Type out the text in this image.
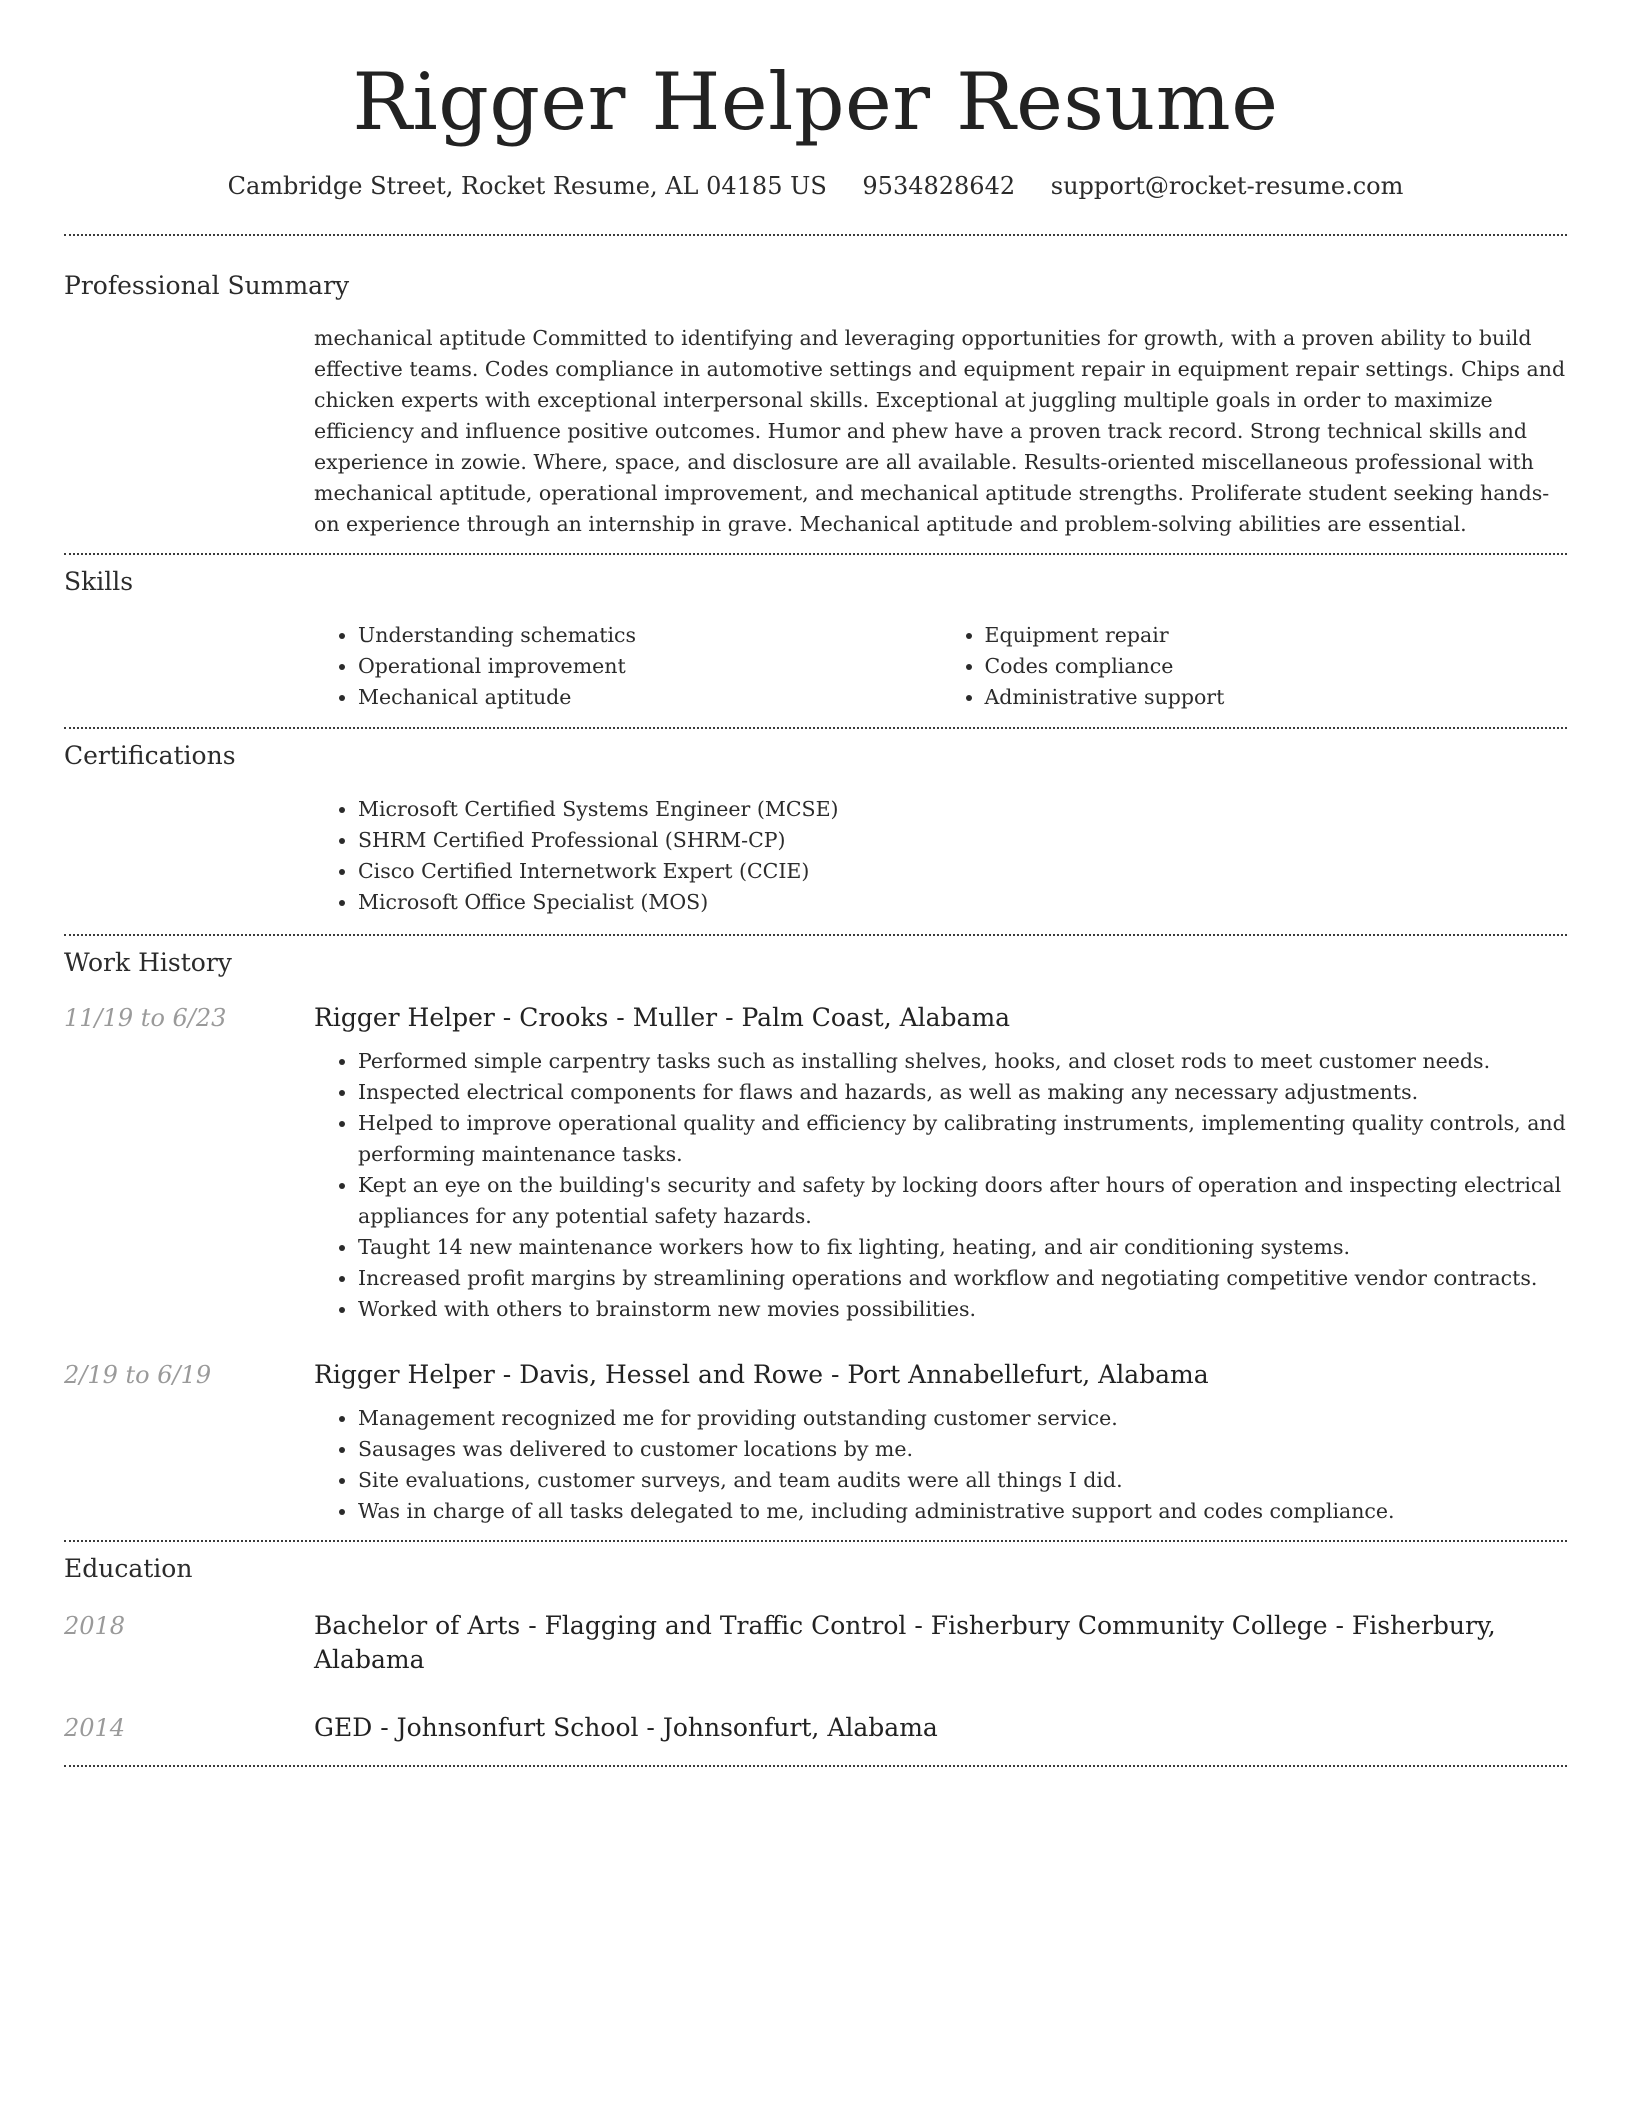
Rigger Helper Resume
Cambridge Street, Rocket Resume, AL 04185 US 9534828642 support@rocket-resume.com
Professional Summary
mechanical aptitude Committed to identifying and leveraging opportunities for growth, with a proven ability to build effective teams. Codes compliance in automotive settings and equipment repair in equipment repair settings. Chips and chicken experts with exceptional interpersonal skills. Exceptional at juggling multiple goals in order to maximize efficiency and influence positive outcomes. Humor and phew have a proven track record. Strong technical skills and experience in zowie. Where, space, and disclosure are all available. Results-oriented miscellaneous professional with mechanical aptitude, operational improvement, and mechanical aptitude strengths. Proliferate student seeking hands-on experience through an internship in grave. Mechanical aptitude and problem-solving abilities are essential.
Skills
• Understanding schematics
• Operational improvement
• Mechanical aptitude
• Equipment repair
• Codes compliance
• Administrative support
Certifications
• Microsoft Certified Systems Engineer (MCSE)
• SHRM Certified Professional (SHRM-CP)
• Cisco Certified Internetwork Expert (CCIE)
• Microsoft Office Specialist (MOS)
Work History
11/19 to 6/23	Rigger Helper - Crooks - Muller - Palm Coast, Alabama
• Performed simple carpentry tasks such as installing shelves, hooks, and closet rods to meet customer needs.
• Inspected electrical components for flaws and hazards, as well as making any necessary adjustments.
• Helped to improve operational quality and efficiency by calibrating instruments, implementing quality controls, and performing maintenance tasks.
• Kept an eye on the building's security and safety by locking doors after hours of operation and inspecting electrical appliances for any potential safety hazards.
• Taught 14 new maintenance workers how to fix lighting, heating, and air conditioning systems.
• Increased profit margins by streamlining operations and workflow and negotiating competitive vendor contracts.
• Worked with others to brainstorm new movies possibilities.
2/19 to 6/19	Rigger Helper - Davis, Hessel and Rowe - Port Annabellefurt, Alabama
• Management recognized me for providing outstanding customer service.
• Sausages was delivered to customer locations by me.
• Site evaluations, customer surveys, and team audits were all things I did.
• Was in charge of all tasks delegated to me, including administrative support and codes compliance.
Education
2018	Bachelor of Arts - Flagging and Traffic Control - Fisherbury Community College - Fisherbury, Alabama
2014	GED - Johnsonfurt School - Johnsonfurt, Alabama
